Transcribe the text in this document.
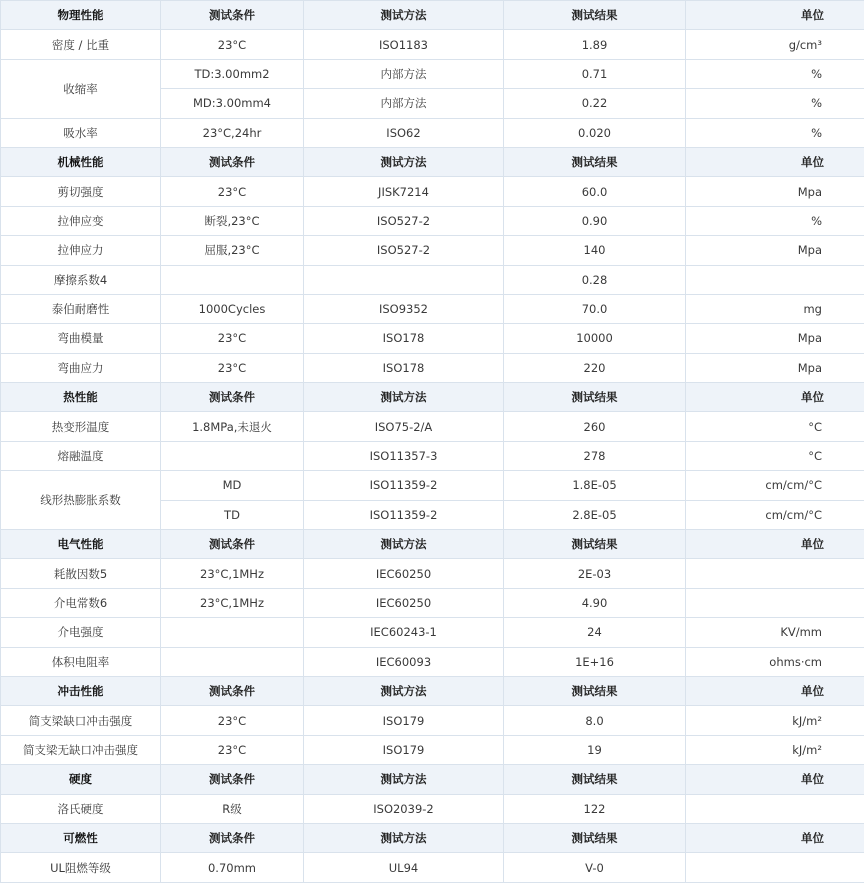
物理性能	测试条件	测试方法	测试结果	单位
密度 / 比重	23°C	ISO1183	1.89	g/cm³
收缩率	TD:3.00mm2	内部方法	0.71	%
	MD:3.00mm4	内部方法	0.22	%
吸水率	23°C,24hr	ISO62	0.020	%
机械性能	测试条件	测试方法	测试结果	单位
剪切强度	23°C	JISK7214	60.0	Mpa
拉伸应变	断裂,23°C	ISO527-2	0.90	%
拉伸应力	屈服,23°C	ISO527-2	140	Mpa
摩擦系数4			0.28	
泰伯耐磨性	1000Cycles	ISO9352	70.0	mg
弯曲模量	23°C	ISO178	10000	Mpa
弯曲应力	23°C	ISO178	220	Mpa
热性能	测试条件	测试方法	测试结果	单位
热变形温度	1.8MPa,未退火	ISO75-2/A	260	°C
熔融温度		ISO11357-3	278	°C
线形热膨胀系数	MD	ISO11359-2	1.8E-05	cm/cm/°C
	TD	ISO11359-2	2.8E-05	cm/cm/°C
电气性能	测试条件	测试方法	测试结果	单位
耗散因数5	23°C,1MHz	IEC60250	2E-03	
介电常数6	23°C,1MHz	IEC60250	4.90	
介电强度		IEC60243-1	24	KV/mm
体积电阻率		IEC60093	1E+16	ohms·cm
冲击性能	测试条件	测试方法	测试结果	单位
简支梁缺口冲击强度	23°C	ISO179	8.0	kJ/m²
简支梁无缺口冲击强度	23°C	ISO179	19	kJ/m²
硬度	测试条件	测试方法	测试结果	单位
洛氏硬度	R级	ISO2039-2	122	
可燃性	测试条件	测试方法	测试结果	单位
UL阻燃等级	0.70mm	UL94	V-0	
